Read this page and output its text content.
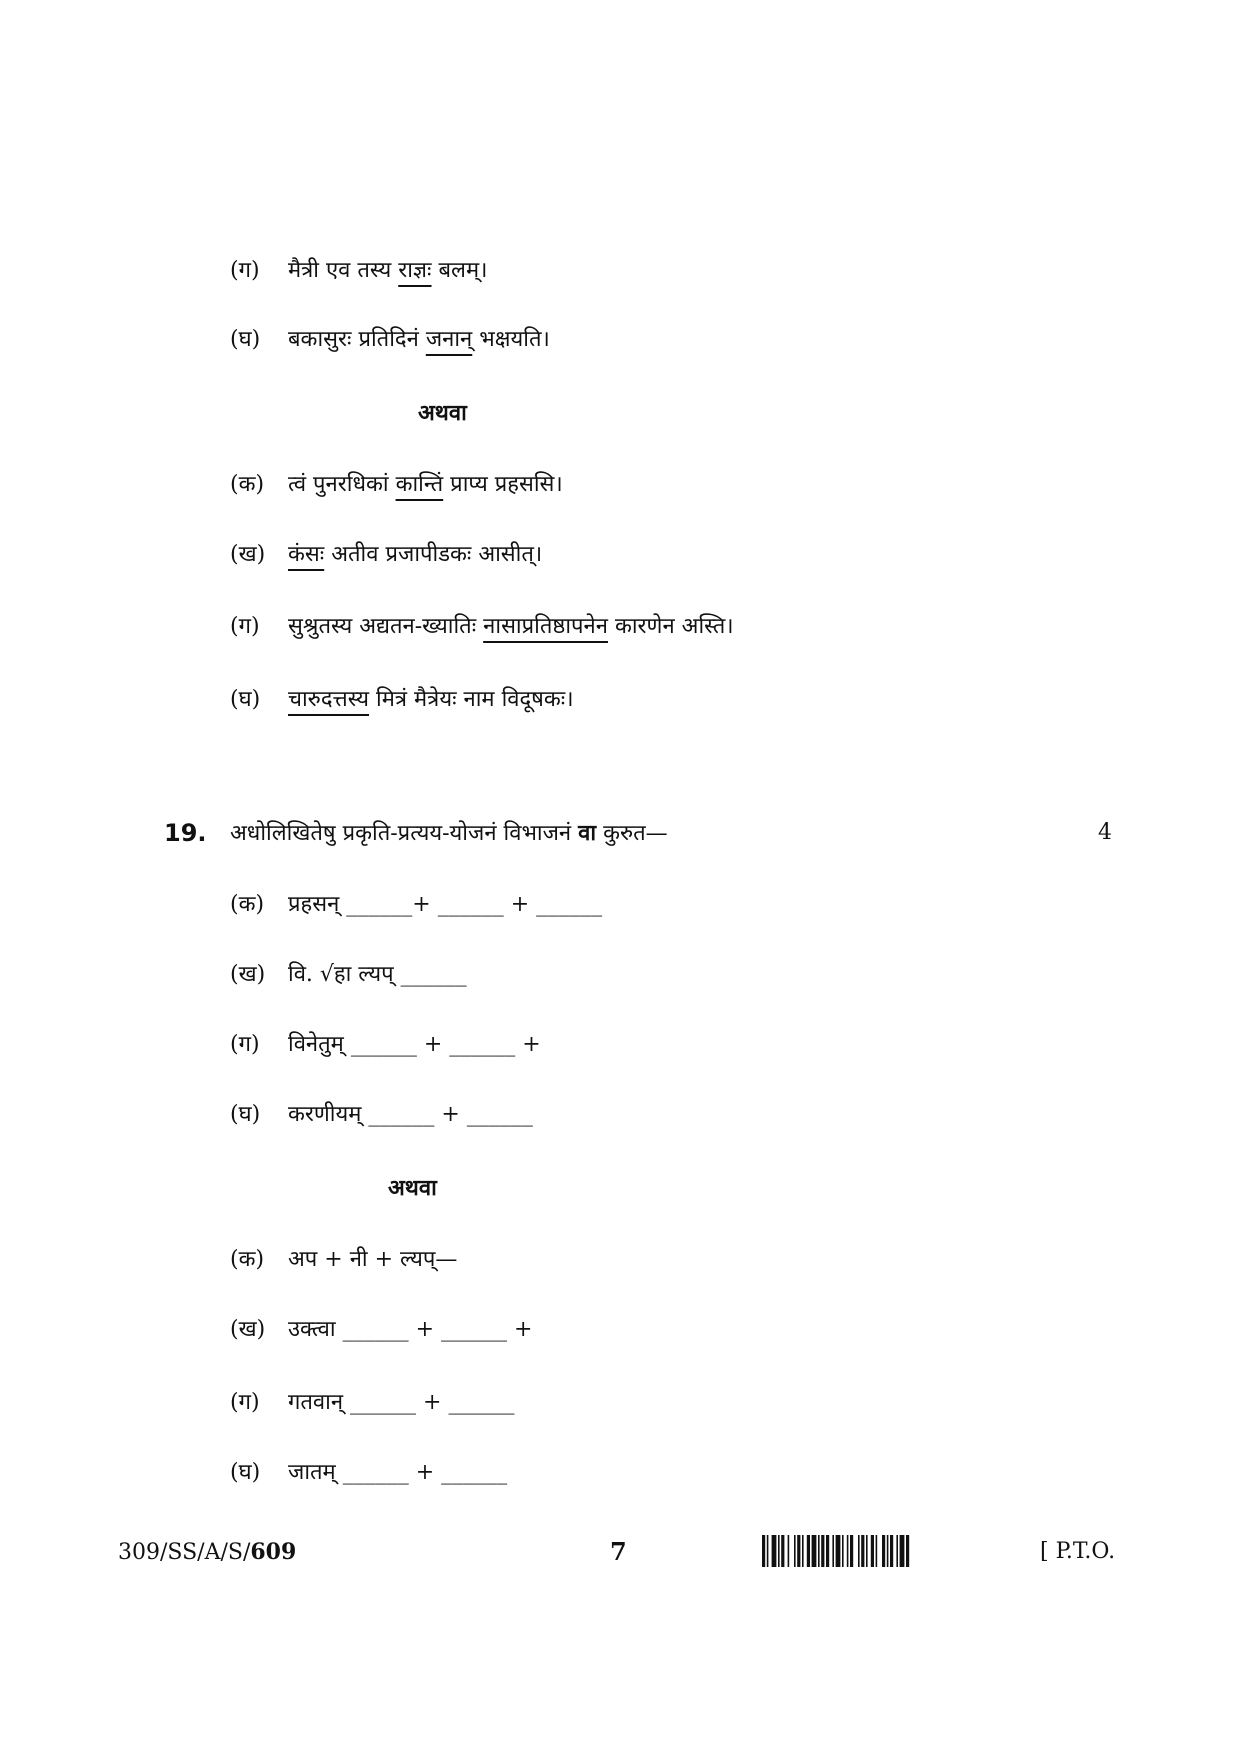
(ग) मैत्री एव तस्य राज्ञः बलम्।
(घ) बकासुरः प्रतिदिनं जनान् भक्षयति।
अथवा
(क) त्वं पुनरधिकां कान्तिं प्राप्य प्रहससि।
(ख) कंसः अतीव प्रजापीडकः आसीत्।
(ग) सुश्रुतस्य अद्यतन-ख्यातिः नासाप्रतिष्ठापनेन कारणेन अस्ति।
(घ) चारुदत्तस्य मित्रं मैत्रेयः नाम विदूषकः।
19. अधोलिखितेषु प्रकृति-प्रत्यय-योजनं विभाजनं वा कुरुत—	4
(क) प्रहसन् ______+ ______ + ______
(ख) वि. √हा ल्यप् ______
(ग) विनेतुम् ______ + ______ +
(घ) करणीयम् ______ + ______
अथवा
(क) अप + नी + ल्यप्—
(ख) उक्त्वा ______ + ______ +
(ग) गतवान् ______ + ______
(घ) जातम् ______ + ______
309/SS/A/S/609	7	[ P.T.O.
